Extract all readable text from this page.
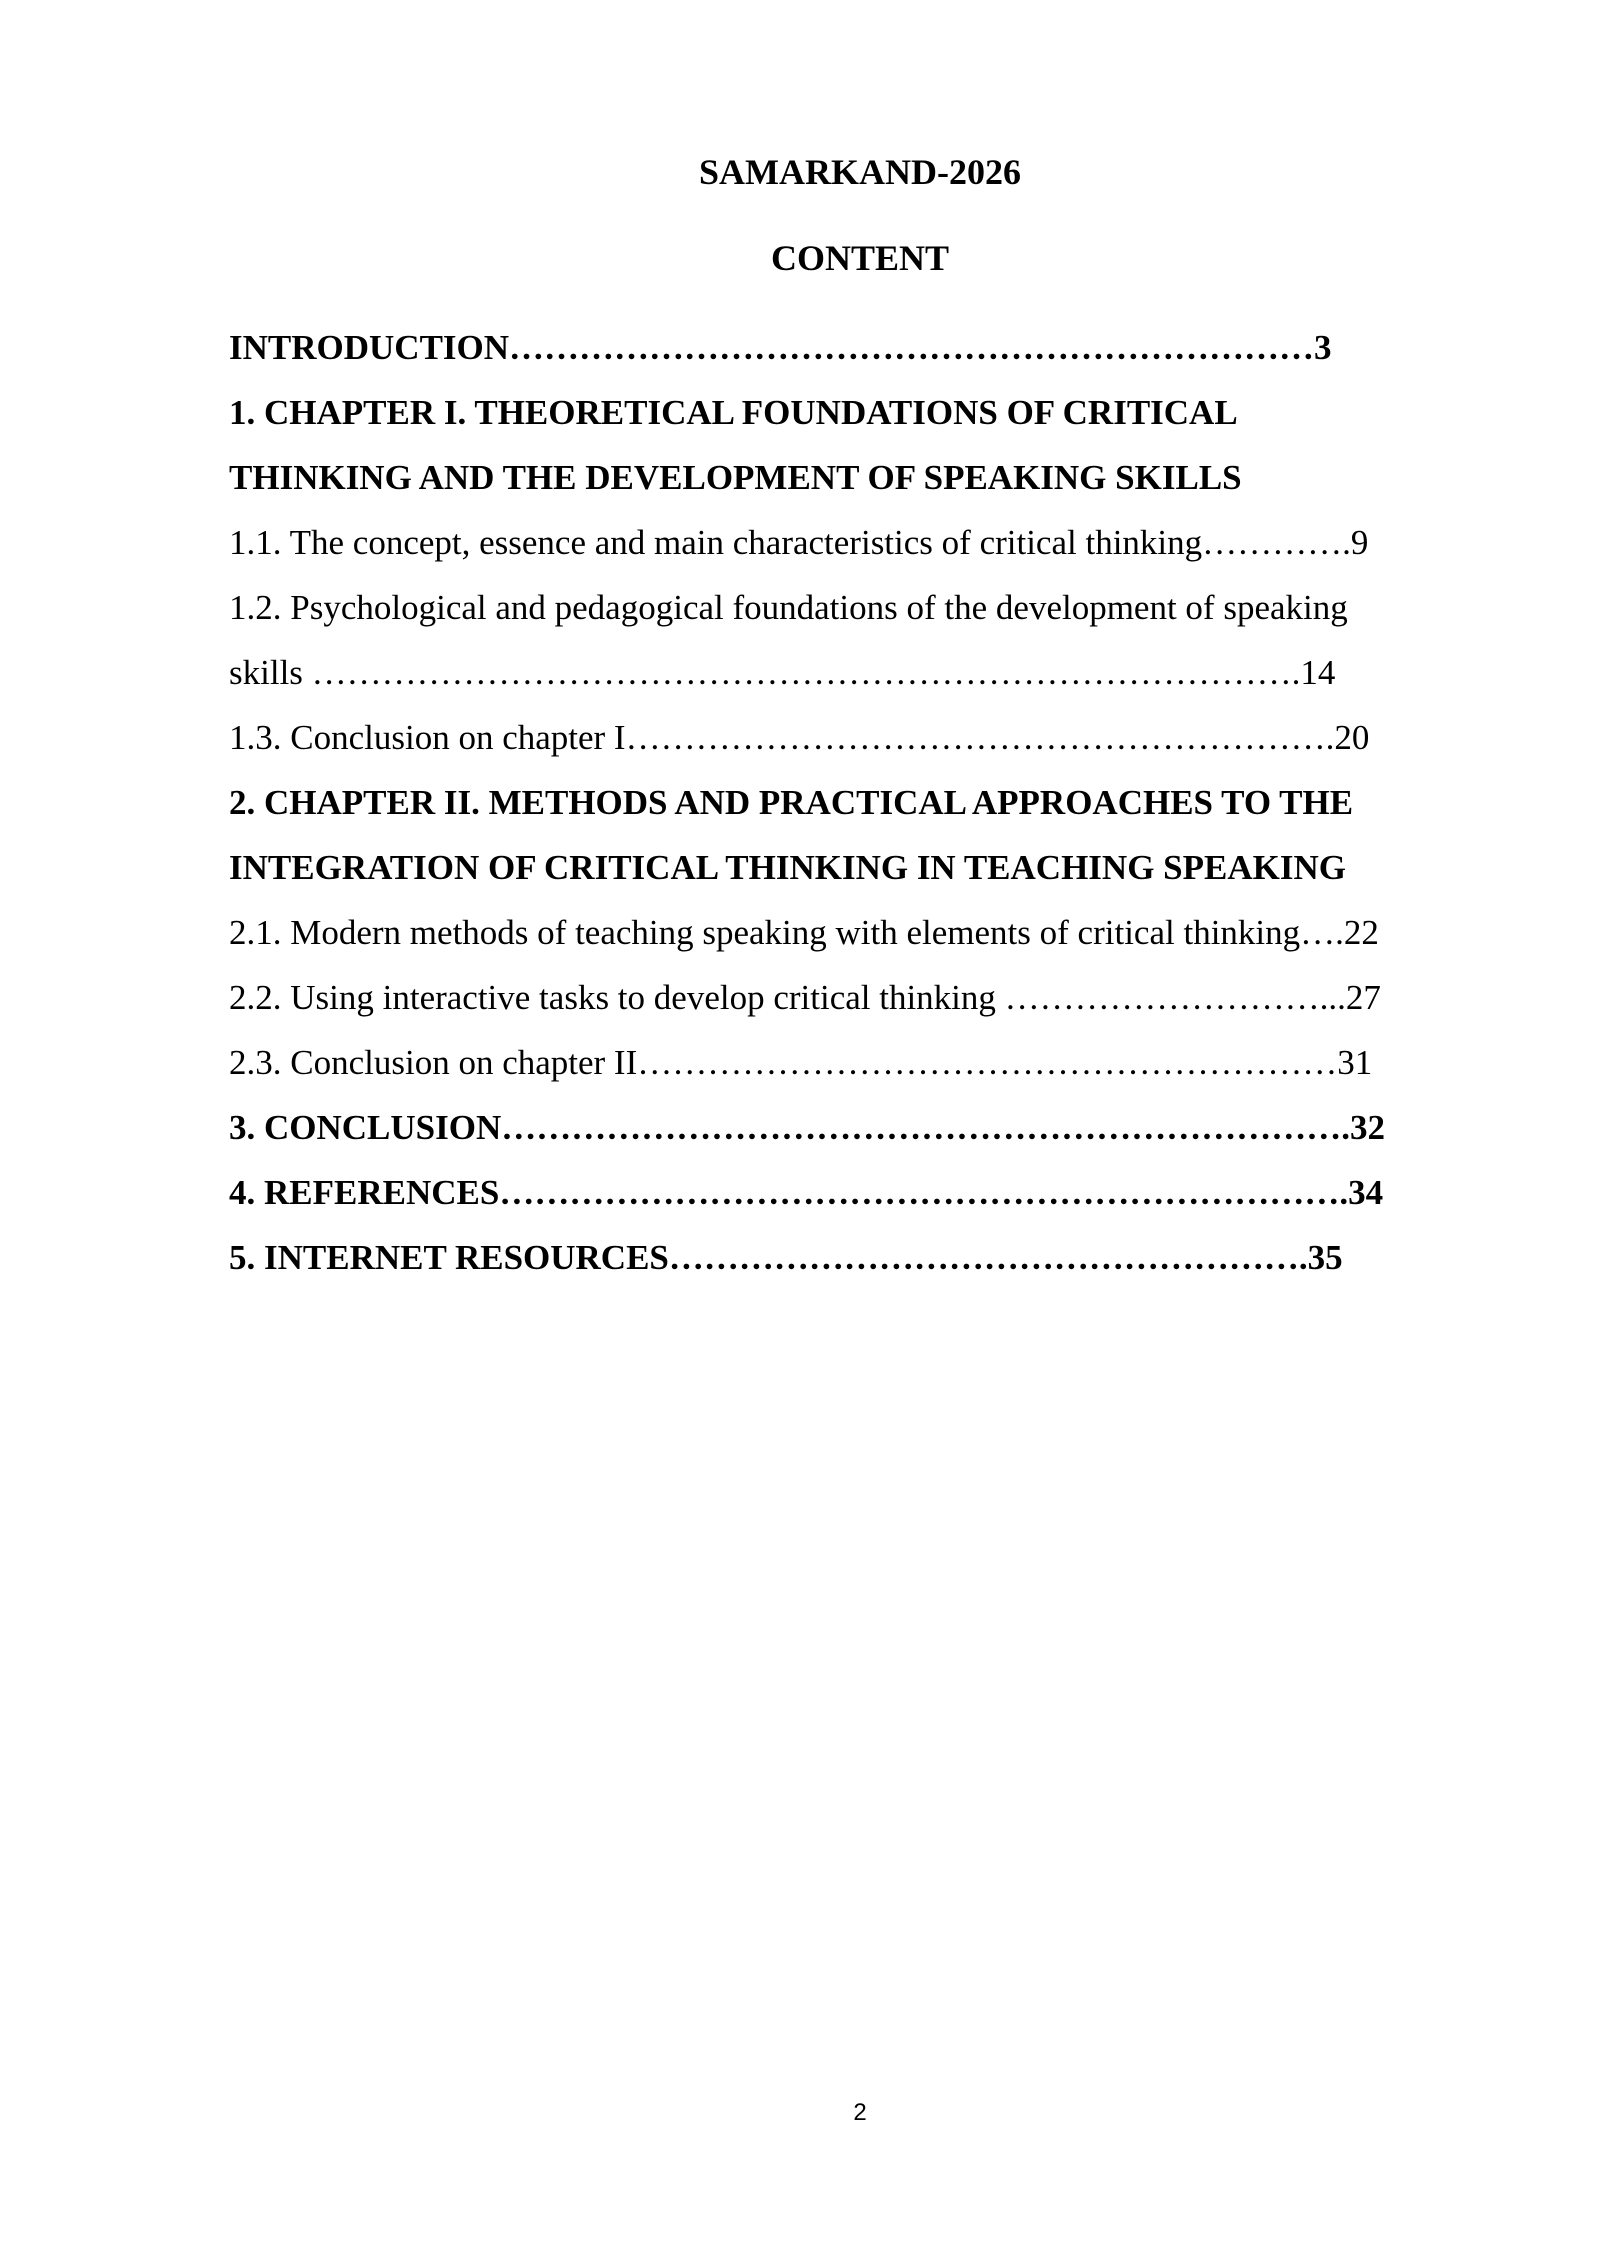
SAMARKAND-2026
CONTENT
INTRODUCTION……………………………………………………………3
1. CHAPTER I. THEORETICAL FOUNDATIONS OF CRITICAL
THINKING AND THE DEVELOPMENT OF SPEAKING SKILLS
1.1. The concept, essence and main characteristics of critical thinking………….9
1.2. Psychological and pedagogical foundations of the development of speaking
skills ………………………………………………………………………….14
1.3. Conclusion on chapter I…………………………………………………….20
2. CHAPTER II. METHODS AND PRACTICAL APPROACHES TO THE
INTEGRATION OF CRITICAL THINKING IN TEACHING SPEAKING
2.1. Modern methods of teaching speaking with elements of critical thinking….22
2.2. Using interactive tasks to develop critical thinking ………………………...27
2.3. Conclusion on chapter II……………………………………………………31
3. CONCLUSION……………………………………………………………….32
4. REFERENCES……………………………………………………………….34
5. INTERNET RESOURCES……………………………………………….35
2
